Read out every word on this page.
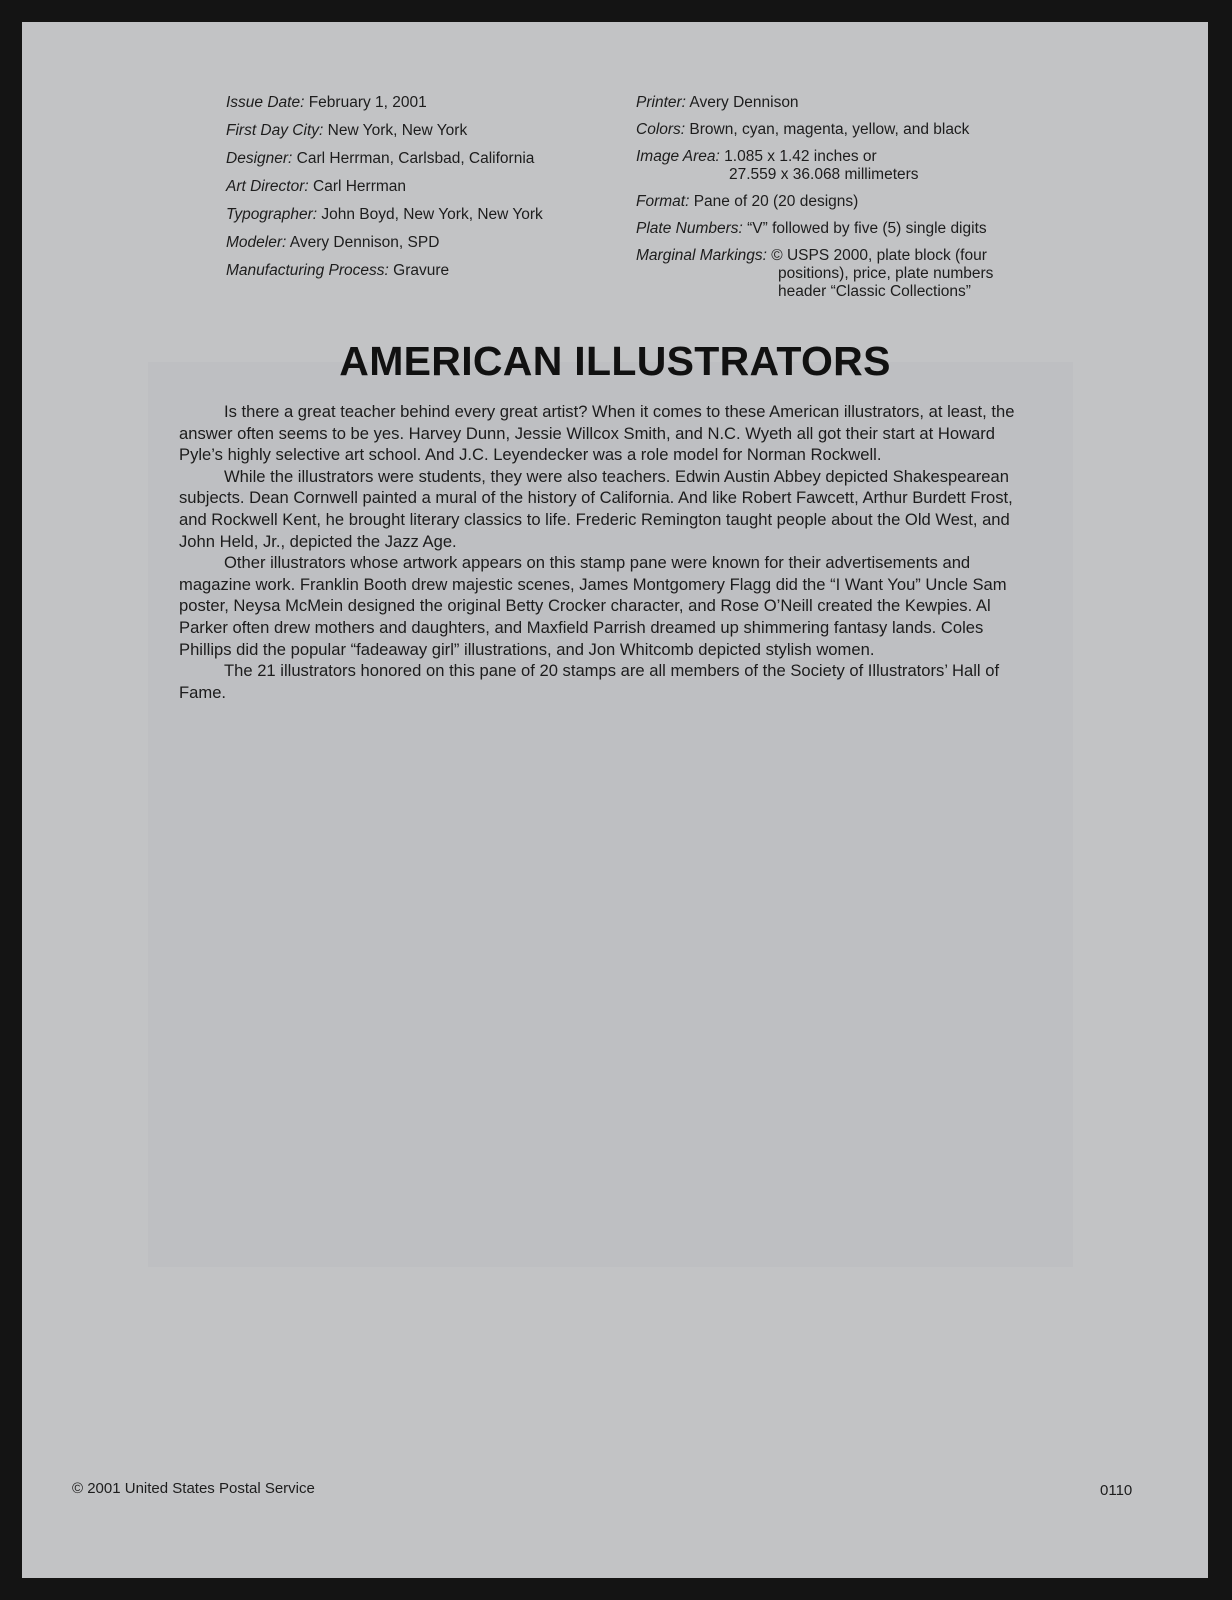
Issue Date: February 1, 2001
First Day City: New York, New York
Designer: Carl Herrman, Carlsbad, California
Art Director: Carl Herrman
Typographer: John Boyd, New York, New York
Modeler: Avery Dennison, SPD
Manufacturing Process: Gravure
Printer: Avery Dennison
Colors: Brown, cyan, magenta, yellow, and black
Image Area: 1.085 x 1.42 inches or
27.559 x 36.068 millimeters
Format: Pane of 20 (20 designs)
Plate Numbers: “V” followed by five (5) single digits
Marginal Markings: © USPS 2000, plate block (four
positions), price, plate numbers
header “Classic Collections”
AMERICAN ILLUSTRATORS

Is there a great teacher behind every great artist? When it comes to these American illustrators, at least, the answer often seems to be yes. Harvey Dunn, Jessie Willcox Smith, and N.C. Wyeth all got their start at Howard Pyle’s highly selective art school. And J.C. Leyendecker was a role model for Norman Rockwell.

While the illustrators were students, they were also teachers. Edwin Austin Abbey depicted Shakespearean subjects. Dean Cornwell painted a mural of the history of California. And like Robert Fawcett, Arthur Burdett Frost, and Rockwell Kent, he brought literary classics to life. Frederic Remington taught people about the Old West, and John Held, Jr., depicted the Jazz Age.

Other illustrators whose artwork appears on this stamp pane were known for their advertisements and magazine work. Franklin Booth drew majestic scenes, James Montgomery Flagg did the “I Want You” Uncle Sam poster, Neysa McMein designed the original Betty Crocker character, and Rose O’Neill created the Kewpies. Al Parker often drew mothers and daughters, and Maxfield Parrish dreamed up shimmering fantasy lands. Coles Phillips did the popular “fadeaway girl” illustrations, and Jon Whitcomb depicted stylish women.

The 21 illustrators honored on this pane of 20 stamps are all members of the Society of Illustrators’ Hall of Fame.

© 2001 United States Postal Service	0110
